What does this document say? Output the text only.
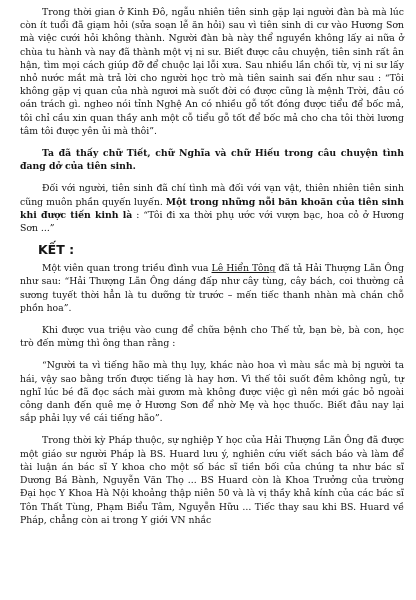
Trong thời gian ở Kinh Đô, ngẫu nhiên tiên sinh gặp lại người đàn bà mà lúc còn ít tuổi đã giạm hỏi (sửa soạn lễ ăn hỏi) sau vì tiên sinh di cư vào Hương Sơn mà việc cưới hỏi không thành. Người đàn bà này thể nguyền không lấy ai nữa ở chùa tu hành và nay đã thành một vị ni sư. Biết được câu chuyện, tiên sinh rất ân hận, tìm mọi cách giúp đỡ để chuộc lại lỗi xưa. Sau nhiều lần chối từ, vị ni sư lấy nhỏ nước mắt mà trả lời cho người học trò mà tiên sainh sai đến như sau : “Tôi không gặp vị quan của nhà ngươi mà suốt đời có được cũng là mệnh Trời, đâu có oán trách gì. ngheo nói tỉnh Nghệ An có nhiều gỗ tốt đóng được tiểu để bốc mả, tôi chỉ cầu xin quan thầy anh một cỗ tiểu gỗ tốt để bốc mả cho cha tôi thời lương tâm tôi được yên ủi mà thôi”.

Ta đã thấy chữ Tiết, chữ Nghĩa và chữ Hiếu trong câu chuyện tình đang dở của tiên sinh.

Đối với người, tiên sinh đã chí tình mà đối với vạn vật, thiên nhiên tiên sinh cũng muôn phần quyến luyến. Một trong những nỗi băn khoăn của tiên sinh khi được tiến kinh là : “Tôi đi xa thời phụ ước với vượn bạc, hoa cỏ ở Hương Sơn ...”

KẾT :

Một viên quan trong triều đình vua Lê Hiển Tông đã tả Hải Thượng Lãn Ông như sau: “Hải Thượng Lãn Ông dáng đấp như cây tùng, cây bách, coi thường cả sương tuyết thời hẳn là tu dưỡng từ trước – mến tiếc thanh nhàn mà chán chỗ phồn hoa”.

Khi được vua triệu vào cung để chữa bệnh cho Thế tử, bạn bè, bà con, học trò đến mừng thì ông than rằng :

“Người ta vì tiếng hão mà thụ lụy, khác nào hoa vì màu sắc mà bị người ta hái, vậy sao bằng trốn được tiếng là hay hơn. Vì thế tôi suốt đêm không ngủ, tự nghĩ lúc bé đã đọc sách mài gươm mà không được việc gì nên mới gác bỏ ngoài công danh đến quê mẹ ở Hương Sơn để nhờ Mẹ và học thuốc. Biết đâu nay lại sắp phải lụy về cái tiếng hão”.

Trong thời kỳ Pháp thuộc, sự nghiệp Y học của Hải Thượng Lãn Ông đã được một giáo sư người Pháp là BS. Huard lưu ý, nghiên cứu viết sách báo và làm để tài luận án bác sĩ Y khoa cho một số bác sĩ tiền bối của chúng ta như bác sĩ Dương Bá Bành, Nguyễn Văn Thọ ... BS Huard còn là Khoa Trưởng của trường Đại học Y Khoa Hà Nội khoảng thập niên 50 và là vị thầy khả kính của các bác sĩ Tôn Thất Tùng, Phạm Biểu Tâm, Nguyễn Hữu ... Tiếc thay sau khi BS. Huard về Pháp, chẳng còn ai trong Y giới VN nhắc
